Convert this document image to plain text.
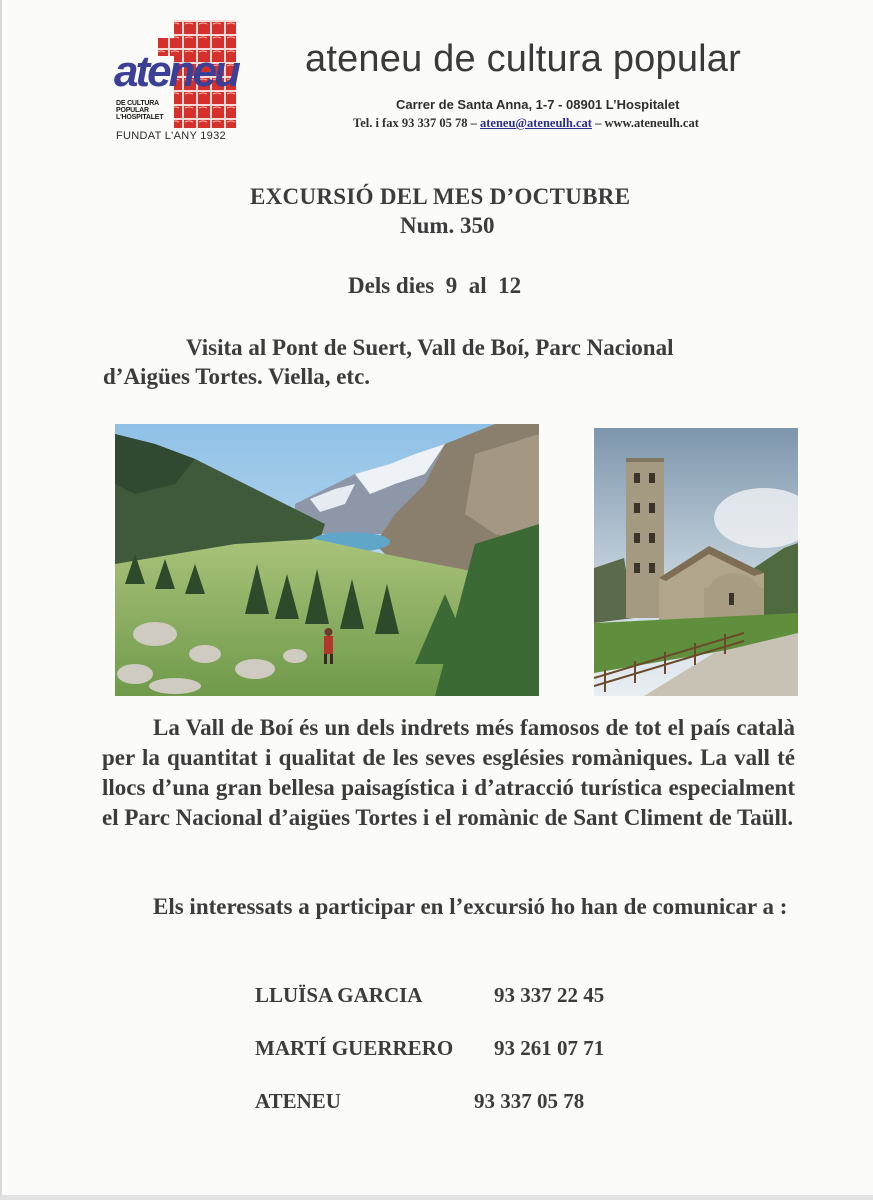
ateneu
DE CULTURA
POPULAR
L'HOSPITALET
FUNDAT L'ANY 1932
ateneu de cultura popular
Carrer de Santa Anna, 1-7 - 08901 L’Hospitalet
Tel. i fax 93 337 05 78 – ateneu@ateneulh.cat – www.ateneulh.cat
EXCURSIÓ DEL MES D’OCTUBRE
Num. 350
Dels dies  9  al  12
Visita al Pont de Suert, Vall de Boí, Parc Nacional d’Aigües Tortes. Viella, etc.
La Vall de Boí és un dels indrets més famosos de tot el país català per la quantitat i qualitat de les seves esglésies romàniques. La vall té llocs d’una gran bellesa paisagística i d’atracció turística especialment el Parc Nacional d’aigües Tortes i el romànic de Sant Climent de Taüll.
Els interessats a participar en l’excursió ho han de comunicar a :
LLUÏSA GARCIA	93 337 22 45
MARTÍ GUERRERO 93 261 07 71
ATENEU	93 337 05 78
